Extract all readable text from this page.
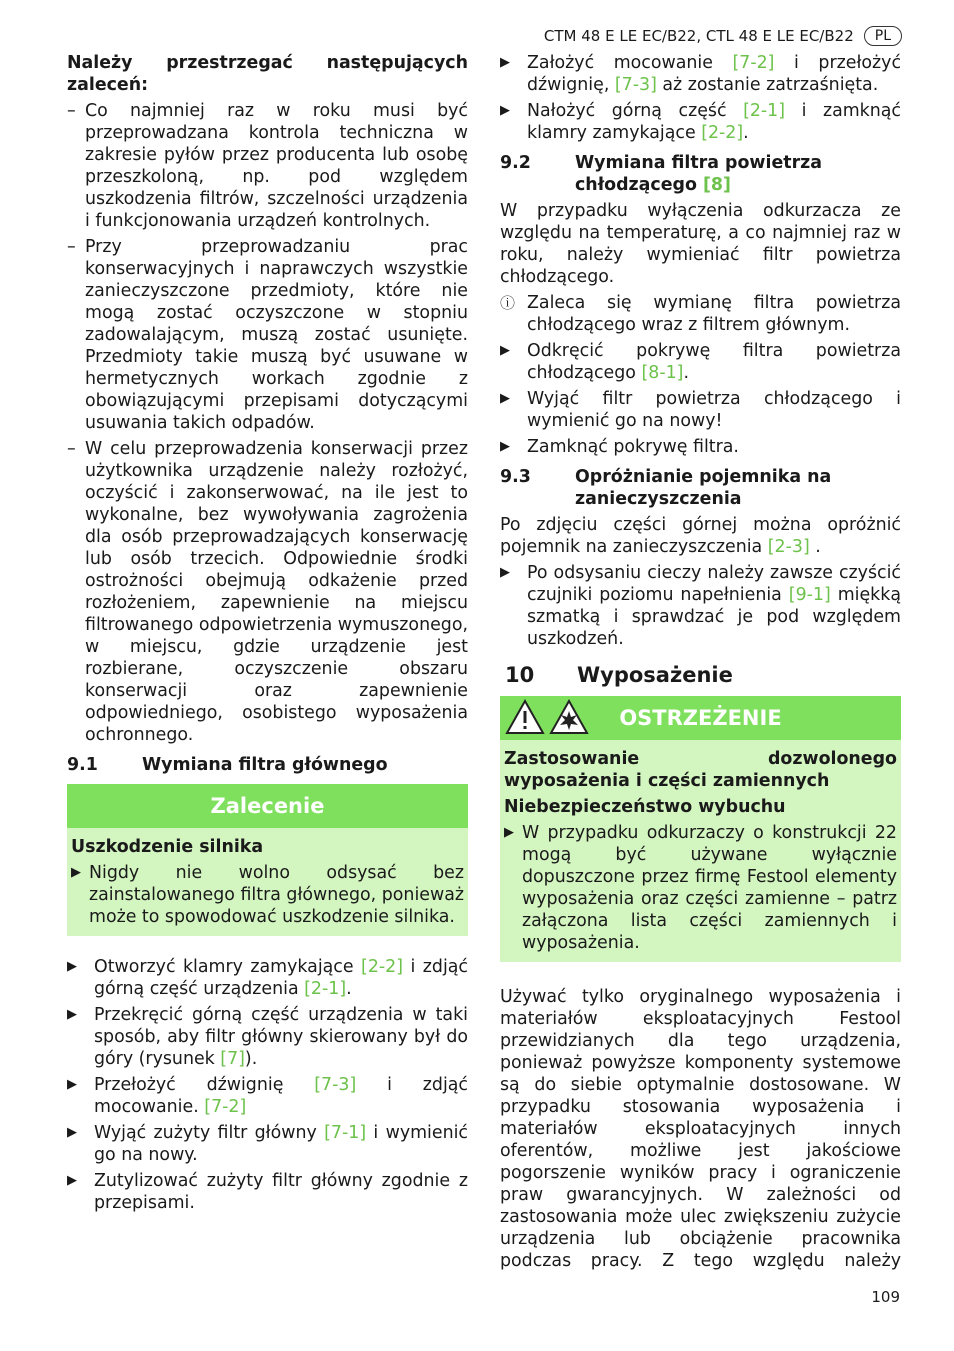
CTM 48 E LE EC/B22, CTL 48 E LE EC/B22	PL

Należy przestrzegać następujących zaleceń:

– Co najmniej raz w roku musi być przeprowadzana kontrola techniczna w zakresie pyłów przez producenta lub osobę przeszkoloną, np. pod względem uszkodzenia filtrów, szczelności urządzenia i funkcjonowania urządzeń kontrolnych.
– Przy przeprowadzaniu prac konserwacyjnych i naprawczych wszystkie zanieczyszczone przedmioty, które nie mogą zostać oczyszczone w stopniu zadowalającym, muszą zostać usunięte. Przedmioty takie muszą być usuwane w hermetycznych workach zgodnie z obowiązującymi przepisami dotyczącymi usuwania takich odpadów.
– W celu przeprowadzenia konserwacji przez użytkownika urządzenie należy rozłożyć, oczyścić i zakonserwować, na ile jest to wykonalne, bez wywoływania zagrożenia dla osób przeprowadzających konserwację lub osób trzecich. Odpowiednie środki ostrożności obejmują odkażenie przed rozłożeniem, zapewnienie na miejscu filtrowanego odpowietrzenia wymuszonego, w miejscu, gdzie urządzenie jest rozbierane, oczyszczenie obszaru konserwacji oraz zapewnienie odpowiedniego, osobistego wyposażenia ochronnego.
9.1	Wymiana filtra głównego
Zalecenie

Uszkodzenie silnika

▶ Nigdy nie wolno odsysać bez zainstalowanego filtra głównego, ponieważ może to spowodować uszkodzenie silnika.
▶ Otworzyć klamry zamykające [2-2] i zdjąć górną część urządzenia [2-1].
▶ Przekręcić górną część urządzenia w taki sposób, aby filtr główny skierowany był do góry (rysunek [7]).
▶ Przełożyć dźwignię [7-3] i zdjąć mocowanie. [7-2]
▶ Wyjąć zużyty filtr główny [7-1] i wymienić go na nowy.
▶ Zutylizować zużyty filtr główny zgodnie z przepisami.
▶ Założyć mocowanie [7-2] i przełożyć dźwignię, [7-3] aż zostanie zatrzaśnięta.
▶ Nałożyć górną część [2-1] i zamknąć klamry zamykające [2-2].
9.2	Wymiana filtra powietrza chłodzącego [8]

W przypadku wyłączenia odkurzacza ze względu na temperaturę, a co najmniej raz w roku, należy wymieniać filtr powietrza chłodzącego.

ⓘ Zaleca się wymianę filtra powietrza chłodzącego wraz z filtrem głównym.
▶ Odkręcić pokrywę filtra powietrza chłodzącego [8-1].
▶ Wyjąć filtr powietrza chłodzącego i wymienić go na nowy!
▶ Zamknąć pokrywę filtra.
9.3	Opróżnianie pojemnika na zanieczyszczenia

Po zdjęciu części górnej można opróżnić pojemnik na zanieczyszczenia [2-3] .

▶ Po odsysaniu cieczy należy zawsze czyścić czujniki poziomu napełnienia [9-1] miękką szmatką i sprawdzać je pod względem uszkodzeń.
10	Wyposażenie
OSTRZEŻENIE

Zastosowanie dozwolonego wyposażenia i części zamiennych

Niebezpieczeństwo wybuchu

▶ W przypadku odkurzaczy o konstrukcji 22 mogą być używane wyłącznie dopuszczone przez firmę Festool elementy wyposażenia oraz części zamienne – patrz załączona lista części zamiennych i wyposażenia.

Używać tylko oryginalnego wyposażenia i materiałów eksploatacyjnych Festool przewidzianych dla tego urządzenia, ponieważ powyższe komponenty systemowe są do siebie optymalnie dostosowane. W przypadku stosowania wyposażenia i materiałów eksploatacyjnych innych oferentów, możliwe jest jakościowe pogorszenie wyników pracy i ograniczenie praw gwarancyjnych. W zależności od zastosowania może ulec zwiększeniu zużycie urządzenia lub obciążenie pracownika podczas pracy. Z tego względu należy

109
